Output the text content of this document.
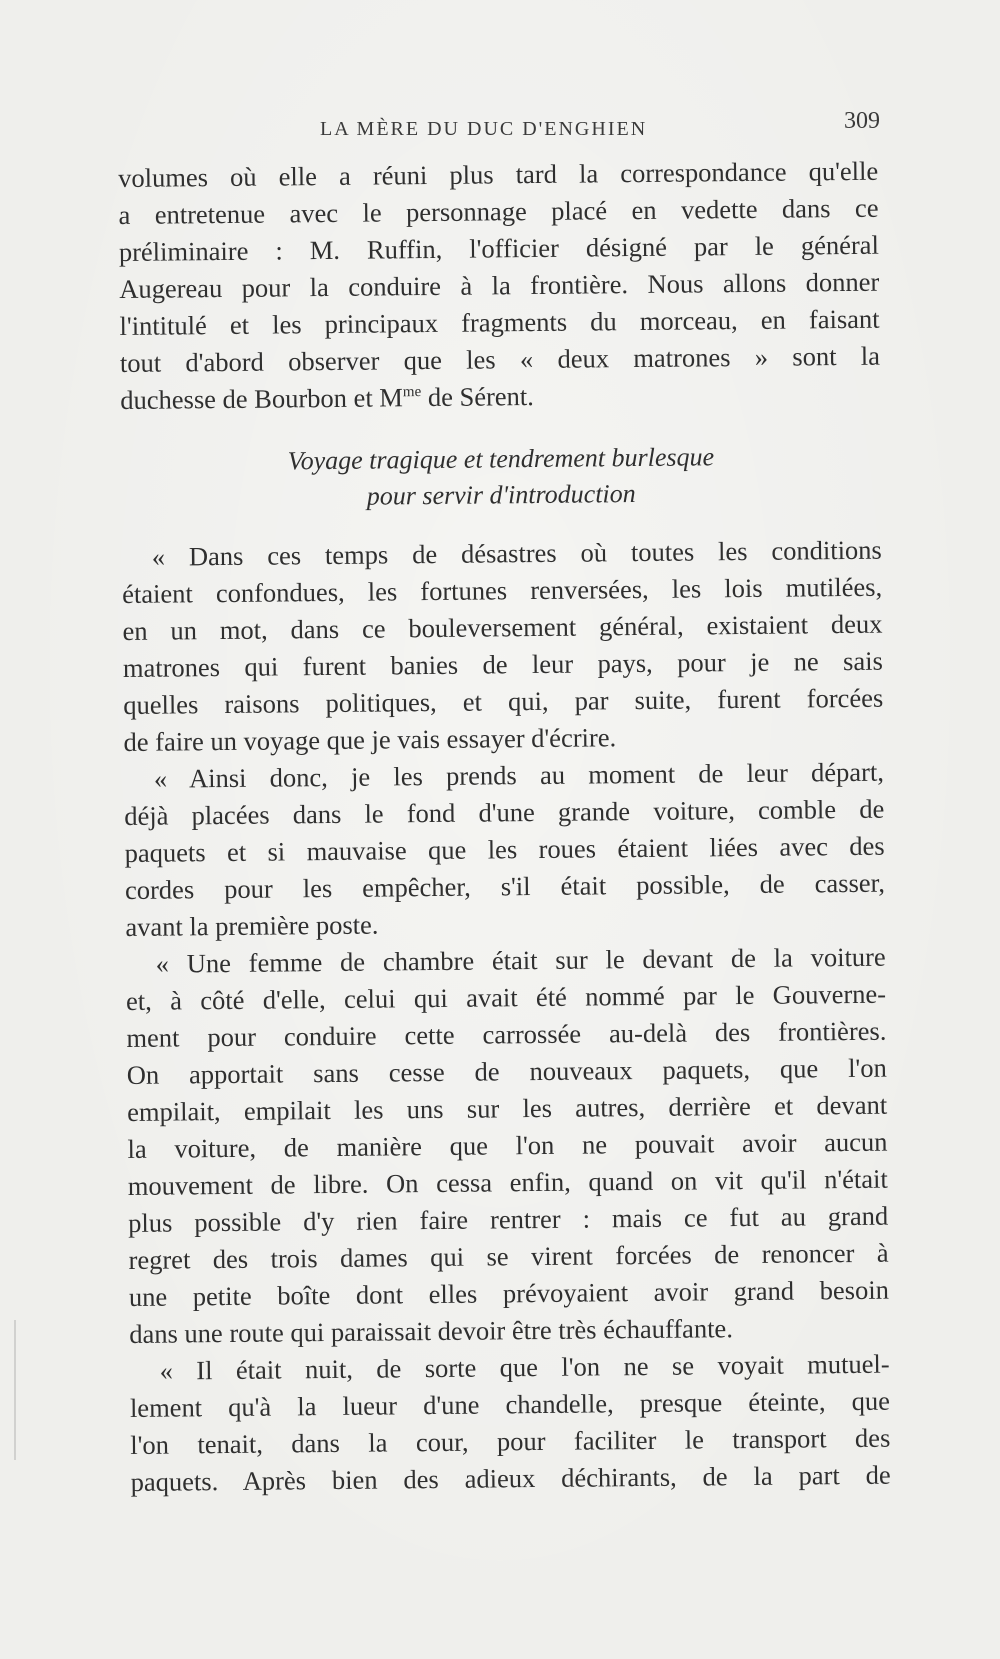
LA MÈRE DU DUC D'ENGHIEN	309
volumes où elle a réuni plus tard la correspondance qu'elle
a entretenue avec le personnage placé en vedette dans ce
préliminaire : M. Ruffin, l'officier désigné par le général
Augereau pour la conduire à la frontière. Nous allons donner
l'intitulé et les principaux fragments du morceau, en faisant
tout d'abord observer que les « deux matrones » sont la
duchesse de Bourbon et $M^{me}$ de Sérent.
Voyage tragique et tendrement burlesque
pour servir d'introduction
« Dans ces temps de désastres où toutes les conditions
étaient confondues, les fortunes renversées, les lois mutilées,
en un mot, dans ce bouleversement général, existaient deux
matrones qui furent banies de leur pays, pour je ne sais
quelles raisons politiques, et qui, par suite, furent forcées
de faire un voyage que je vais essayer d'écrire.
« Ainsi donc, je les prends au moment de leur départ,
déjà placées dans le fond d'une grande voiture, comble de
paquets et si mauvaise que les roues étaient liées avec des
cordes pour les empêcher, s'il était possible, de casser,
avant la première poste.
« Une femme de chambre était sur le devant de la voiture
et, à côté d'elle, celui qui avait été nommé par le Gouverne-
ment pour conduire cette carrossée au-delà des frontières.
On apportait sans cesse de nouveaux paquets, que l'on
empilait, empilait les uns sur les autres, derrière et devant
la voiture, de manière que l'on ne pouvait avoir aucun
mouvement de libre. On cessa enfin, quand on vit qu'il n'était
plus possible d'y rien faire rentrer : mais ce fut au grand
regret des trois dames qui se virent forcées de renoncer à
une petite boîte dont elles prévoyaient avoir grand besoin
dans une route qui paraissait devoir être très échauffante.
« Il était nuit, de sorte que l'on ne se voyait mutuel-
lement qu'à la lueur d'une chandelle, presque éteinte, que
l'on tenait, dans la cour, pour faciliter le transport des
paquets. Après bien des adieux déchirants, de la part de
